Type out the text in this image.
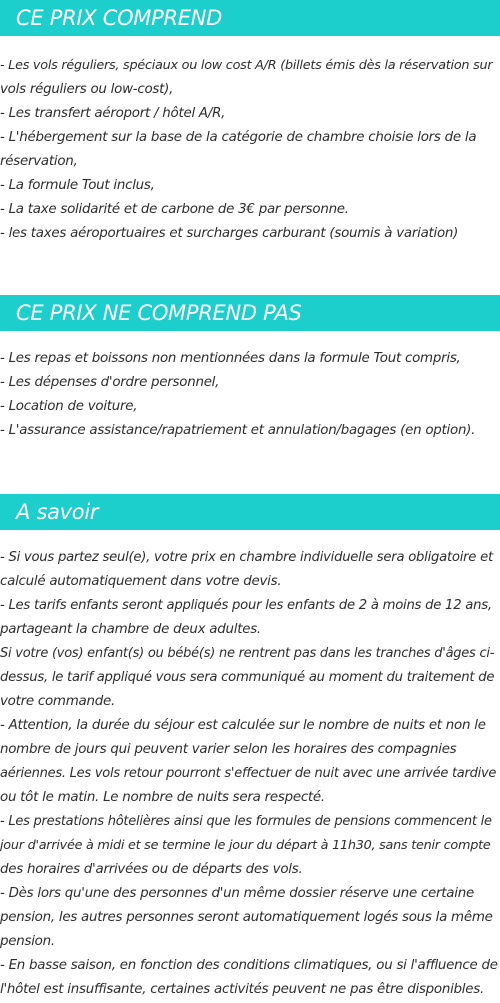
CE PRIX COMPREND
- Les vols réguliers, spéciaux ou low cost A/R (billets émis dès la réservation sur
vols réguliers ou low-cost),
- Les transfert aéroport / hôtel A/R,
- L'hébergement sur la base de la catégorie de chambre choisie lors de la
réservation,
- La formule Tout inclus,
- La taxe solidarité et de carbone de 3€ par personne.
- les taxes aéroportuaires et surcharges carburant (soumis à variation)
CE PRIX NE COMPREND PAS
- Les repas et boissons non mentionnées dans la formule Tout compris,
- Les dépenses d'ordre personnel,
- Location de voiture,
- L'assurance assistance/rapatriement et annulation/bagages (en option).
A savoir
- Si vous partez seul(e), votre prix en chambre individuelle sera obligatoire et
calculé automatiquement dans votre devis.
- Les tarifs enfants seront appliqués pour les enfants de 2 à moins de 12 ans,
partageant la chambre de deux adultes.
Si votre (vos) enfant(s) ou bébé(s) ne rentrent pas dans les tranches d'âges ci-
dessus, le tarif appliqué vous sera communiqué au moment du traitement de
votre commande.
- Attention, la durée du séjour est calculée sur le nombre de nuits et non le
nombre de jours qui peuvent varier selon les horaires des compagnies
aériennes. Les vols retour pourront s'effectuer de nuit avec une arrivée tardive
ou tôt le matin. Le nombre de nuits sera respecté.
- Les prestations hôtelières ainsi que les formules de pensions commencent le
jour d'arrivée à midi et se termine le jour du départ à 11h30, sans tenir compte
des horaires d'arrivées ou de départs des vols.
- Dès lors qu'une des personnes d'un même dossier réserve une certaine
pension, les autres personnes seront automatiquement logés sous la même
pension.
- En basse saison, en fonction des conditions climatiques, ou si l'affluence de
l'hôtel est insuffisante, certaines activités peuvent ne pas être disponibles.
